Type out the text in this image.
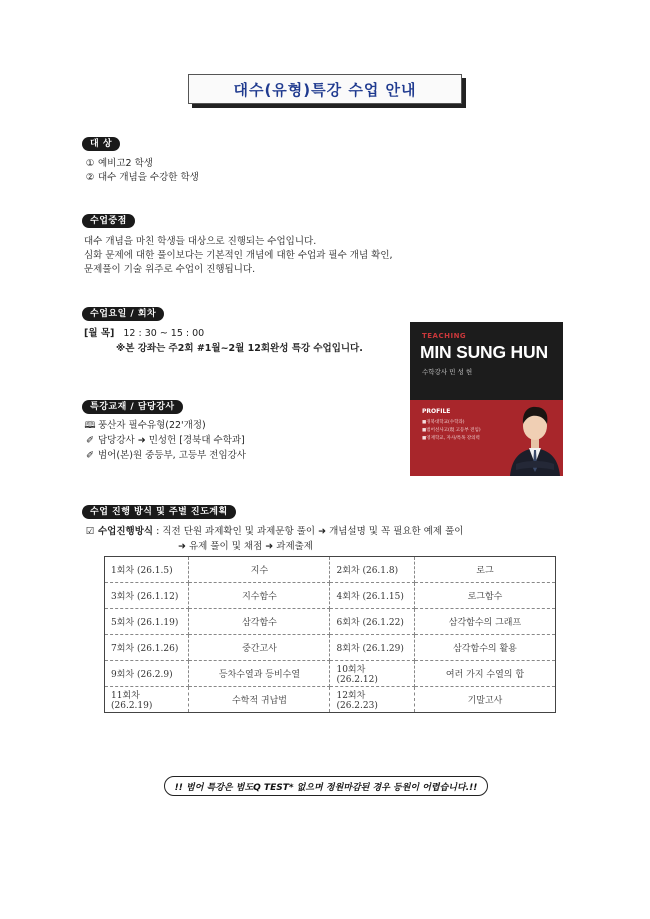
대수(유형)특강 수업 안내
대 상
① 예비고2 학생
② 대수 개념을 수강한 학생
수업중점
대수 개념을 마친 학생들 대상으로 진행되는 수업입니다.
심화 문제에 대한 풀이보다는 기본적인 개념에 대한 수업과 필수 개념 확인,
문제풀이 기술 위주로 수업이 진행됩니다.
수업요일 / 회차
[월 목] 12 : 30 ~ 15 : 00
※본 강좌는 주2회 #1월~2월 12회완성 특강 수업입니다.
특강교재 / 담당강사
🕮 풍산자 필수유형(22'개정)
✐ 담당강사 ➜ 민성헌 [경북대 수학과]
✐ 범어(본)원 중등부, 고등부 전임강사
TEACHING
MIN SUNG HUN
수학강사 민 성 헌
PROFILE
■경북대학교(수학과)
■범어선사고(現 고등부 전임)
■영재학교, 자사/특목 강의력
수업 진행 방식 및 주별 진도계획
☑ 수업진행방식 : 직전 단원 과제확인 및 과제문항 풀이 ➜ 개념설명 및 꼭 필요한 예제 풀이
➜ 유제 풀이 및 채점 ➜ 과제출제
1회차 (26.1.5)	지수	2회차 (26.1.8)	로그
3회차 (26.1.12)	지수함수	4회차 (26.1.15)	로그함수
5회차 (26.1.19)	삼각함수	6회차 (26.1.22)	삼각함수의 그래프
7회차 (26.1.26)	중간고사	8회차 (26.1.29)	삼각함수의 활용
9회차 (26.2.9)	등차수열과 등비수열	10회차 (26.2.12)	여러 가지 수열의 합
11회차 (26.2.19)	수학적 귀납법	12회차 (26.2.23)	기말고사
!! 범어 특강은 범도Q TEST* 없으며 정원마감된 경우 등원이 어렵습니다.!!
